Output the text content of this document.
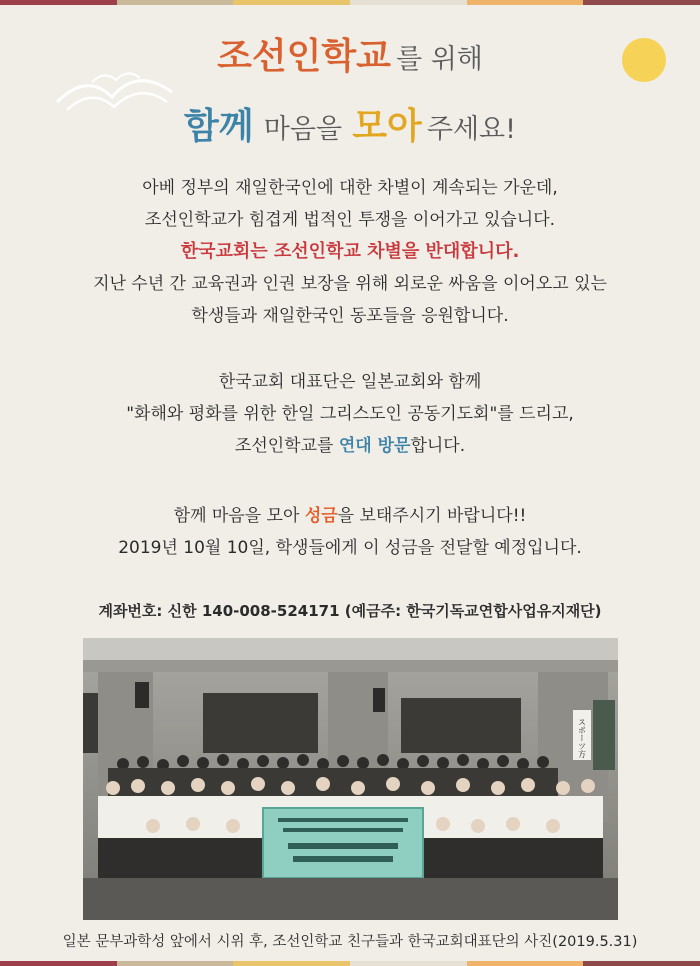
조선인학교 를 위해
함께 마음을 모아 주세요!
아베 정부의 재일한국인에 대한 차별이 계속되는 가운데,
조선인학교가 힘겹게 법적인 투쟁을 이어가고 있습니다.
한국교회는 조선인학교 차별을 반대합니다.
지난 수년 간 교육권과 인권 보장을 위해 외로운 싸움을 이어오고 있는
학생들과 재일한국인 동포들을 응원합니다.
한국교회 대표단은 일본교회와 함께
"화해와 평화를 위한 한일 그리스도인 공동기도회"를 드리고,
조선인학교를 연대 방문합니다.
함께 마음을 모아 성금을 보태주시기 바랍니다!!
2019년 10월 10일, 학생들에게 이 성금을 전달할 예정입니다.
계좌번호: 신한 140-008-524171 (예금주: 한국기독교연합사업유지재단)
スポーツ方
일본 문부과학성 앞에서 시위 후, 조선인학교 친구들과 한국교회대표단의 사진(2019.5.31)
